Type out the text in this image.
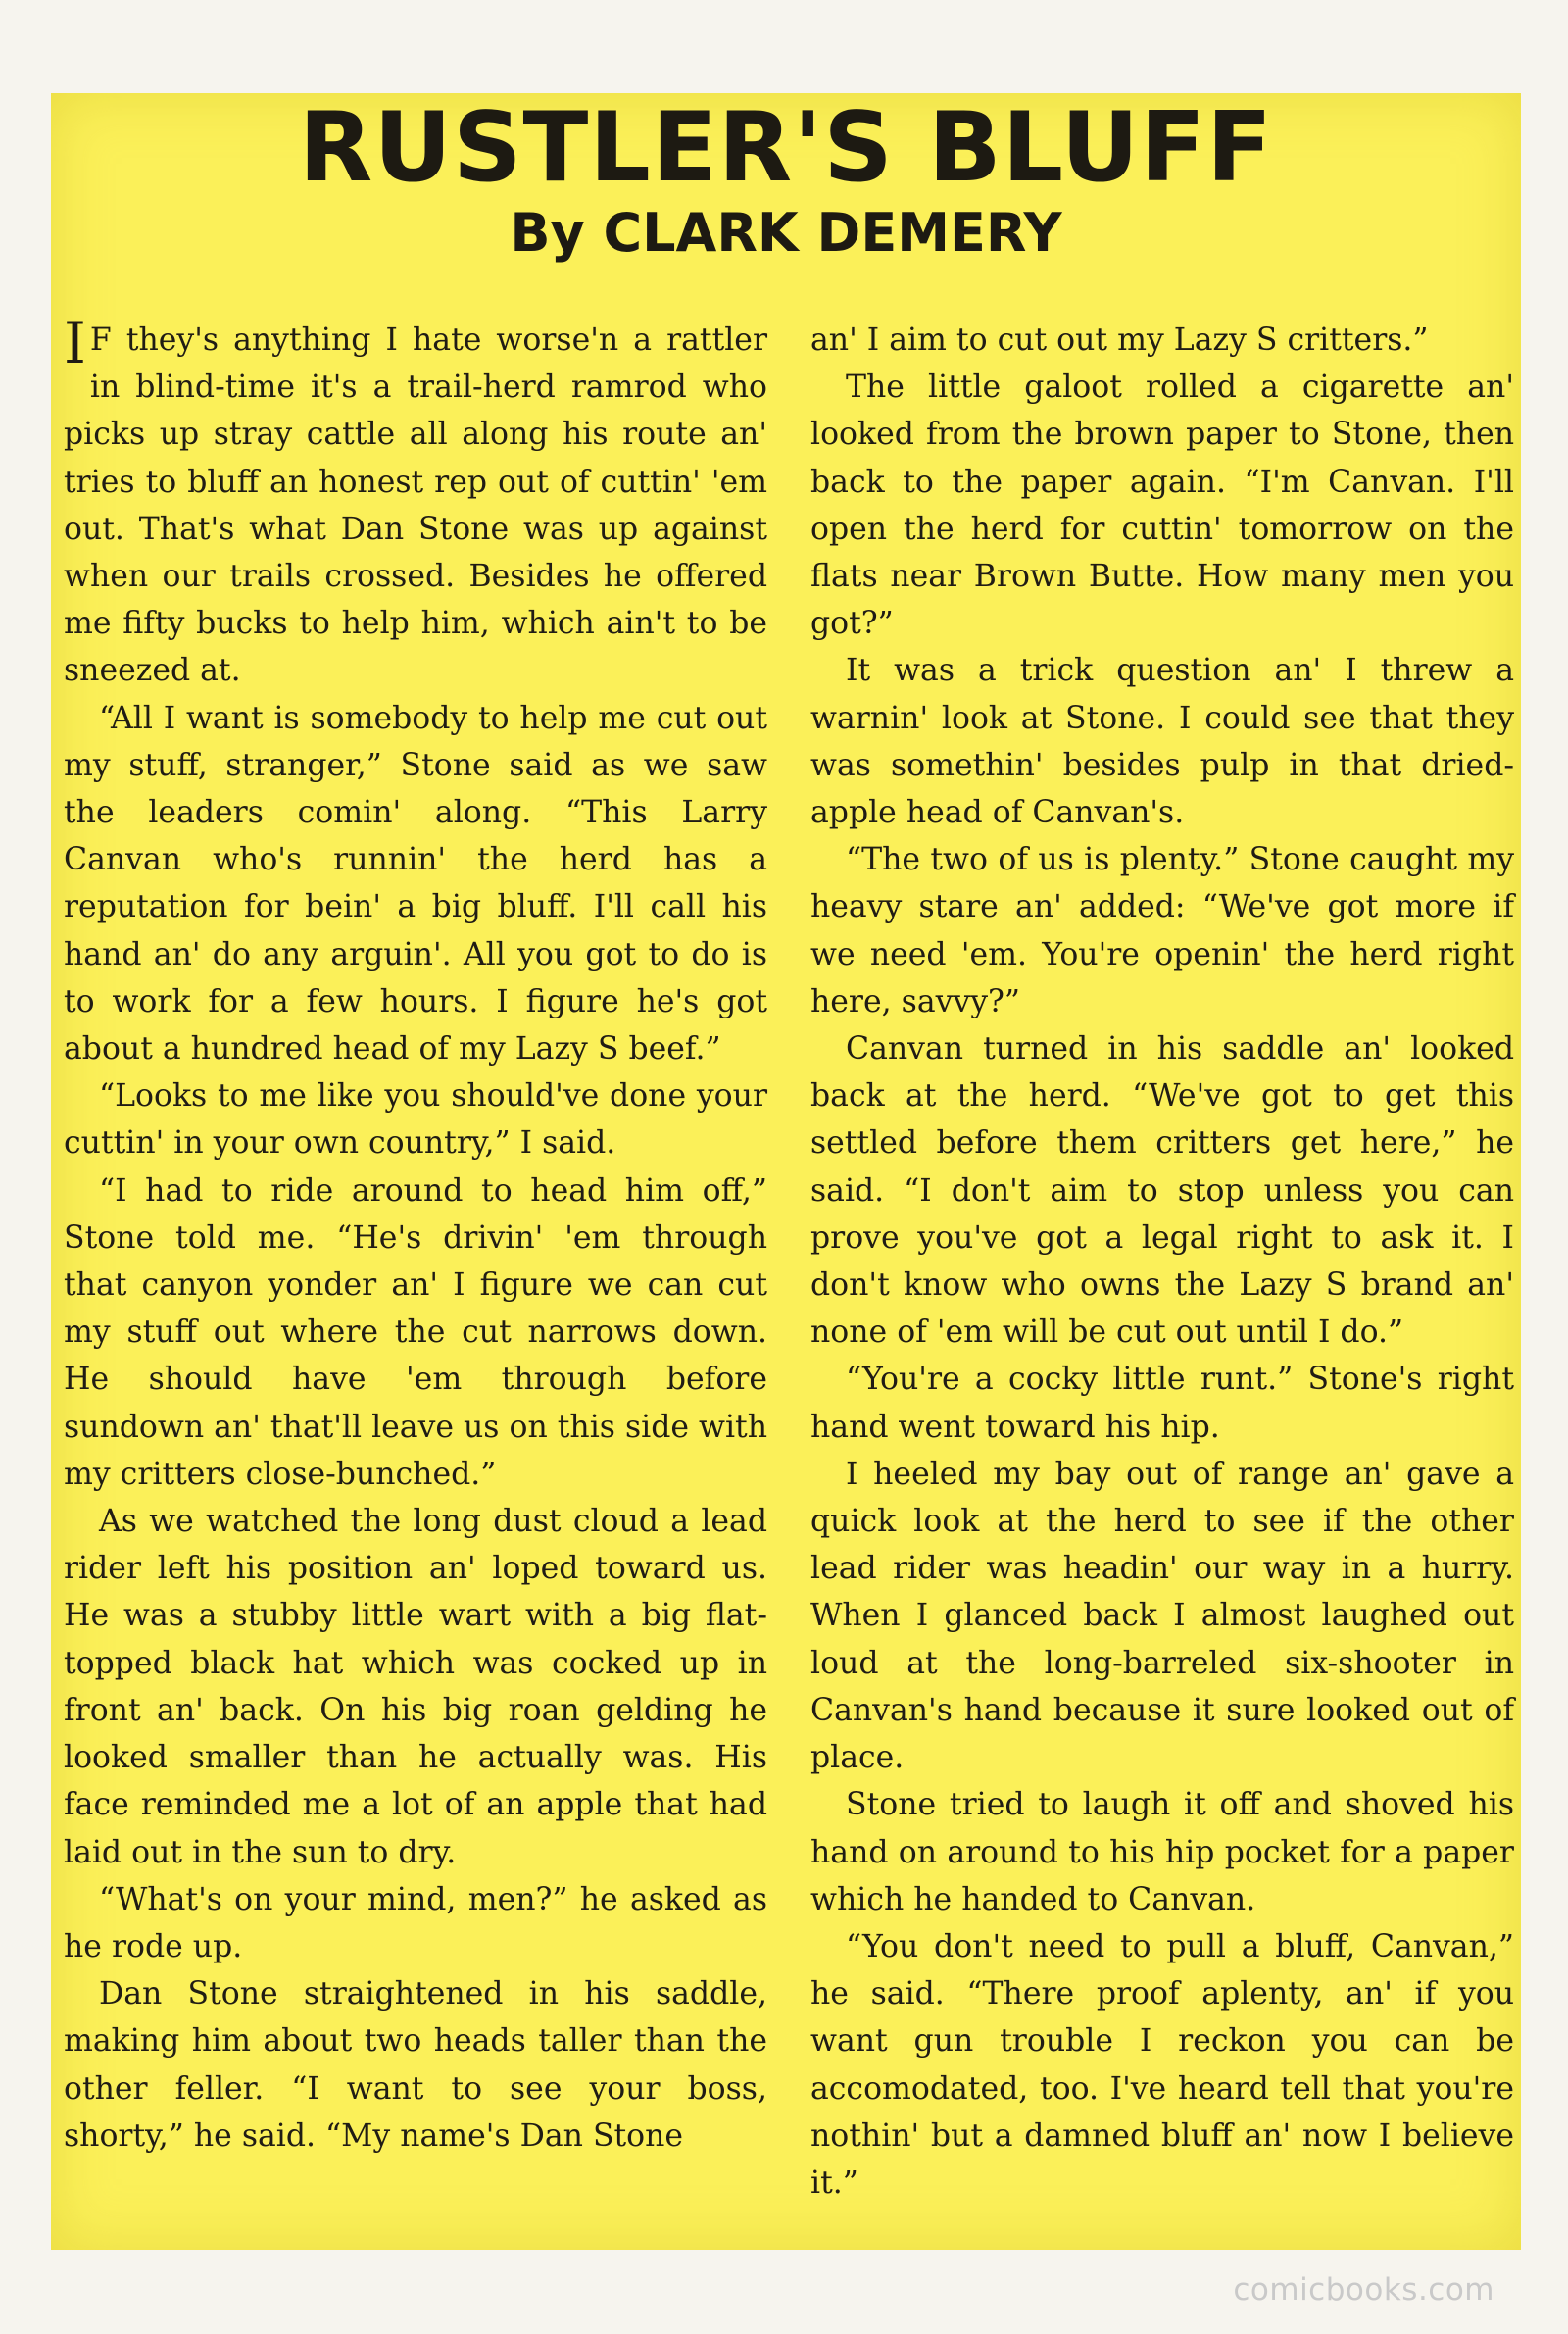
RUSTLER'S BLUFF
By CLARK DEMERY

IF they's anything I hate worse'n a rattler in blind-time it's a trail-herd ramrod who picks up stray cattle all along his route an' tries to bluff an honest rep out of cuttin' 'em out. That's what Dan Stone was up against when our trails crossed. Besides he offered me fifty bucks to help him, which ain't to be sneezed at.

“All I want is somebody to help me cut out my stuff, stranger,” Stone said as we saw the leaders comin' along. “This Larry Canvan who's runnin' the herd has a reputation for bein' a big bluff. I'll call his hand an' do any arguin'. All you got to do is to work for a few hours. I figure he's got about a hundred head of my Lazy S beef.”

“Looks to me like you should've done your cuttin' in your own country,” I said.

“I had to ride around to head him off,” Stone told me. “He's drivin' 'em through that canyon yonder an' I figure we can cut my stuff out where the cut narrows down. He should have 'em through before sundown an' that'll leave us on this side with my critters close-bunched.”

As we watched the long dust cloud a lead rider left his position an' loped toward us. He was a stubby little wart with a big flat-topped black hat which was cocked up in front an' back. On his big roan gelding he looked smaller than he actually was. His face reminded me a lot of an apple that had laid out in the sun to dry.

“What's on your mind, men?” he asked as he rode up.

Dan Stone straightened in his saddle, making him about two heads taller than the other feller. “I want to see your boss, shorty,” he said. “My name's Dan Stone

an' I aim to cut out my Lazy S critters.”

The little galoot rolled a cigarette an' looked from the brown paper to Stone, then back to the paper again. “I'm Canvan. I'll open the herd for cuttin' tomorrow on the flats near Brown Butte. How many men you got?”

It was a trick question an' I threw a warnin' look at Stone. I could see that they was somethin' besides pulp in that dried-apple head of Canvan's.

“The two of us is plenty.” Stone caught my heavy stare an' added: “We've got more if we need 'em. You're openin' the herd right here, savvy?”

Canvan turned in his saddle an' looked back at the herd. “We've got to get this settled before them critters get here,” he said. “I don't aim to stop unless you can prove you've got a legal right to ask it. I don't know who owns the Lazy S brand an' none of 'em will be cut out until I do.”

“You're a cocky little runt.” Stone's right hand went toward his hip.

I heeled my bay out of range an' gave a quick look at the herd to see if the other lead rider was headin' our way in a hurry. When I glanced back I almost laughed out loud at the long-barreled six-shooter in Canvan's hand because it sure looked out of place.

Stone tried to laugh it off and shoved his hand on around to his hip pocket for a paper which he handed to Canvan.

“You don't need to pull a bluff, Canvan,” he said. “There proof aplenty, an' if you want gun trouble I reckon you can be accomodated, too. I've heard tell that you're nothin' but a damned bluff an' now I believe it.”

comicbooks.com
